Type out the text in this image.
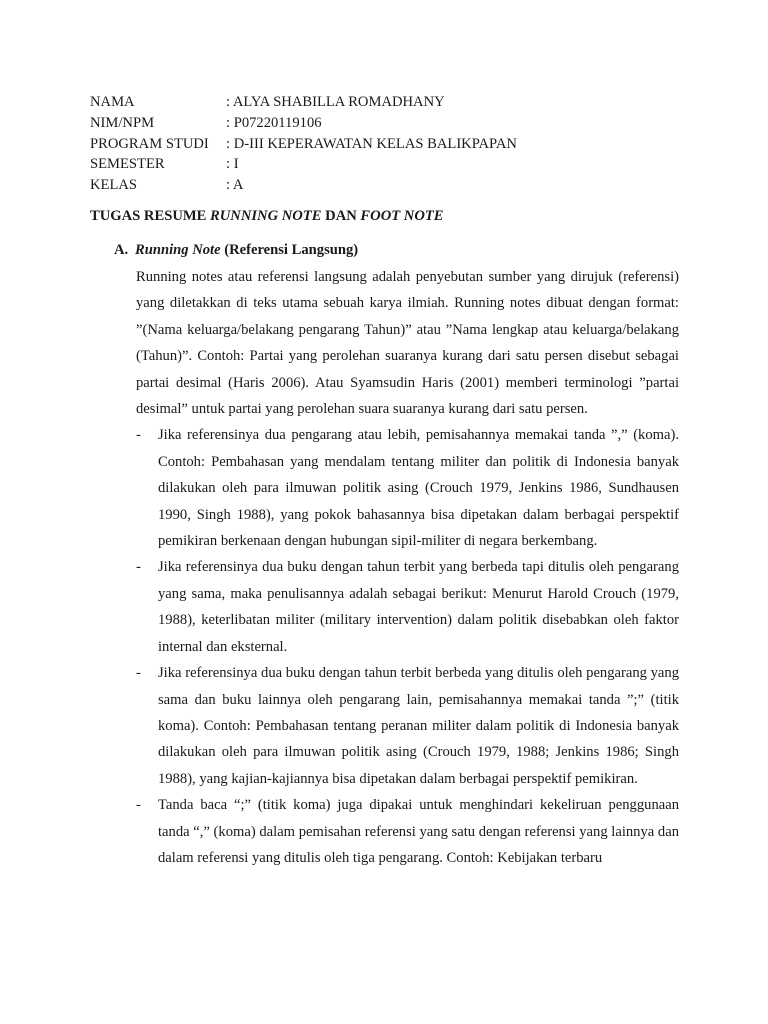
NAMA	: ALYA SHABILLA ROMADHANY
NIM/NPM	: P07220119106
PROGRAM STUDI : D-III KEPERAWATAN KELAS BALIKPAPAN
SEMESTER	: I
KELAS	: A
TUGAS RESUME RUNNING NOTE DAN FOOT NOTE
A. Running Note (Referensi Langsung)

Running notes atau referensi langsung adalah penyebutan sumber yang dirujuk (referensi) yang diletakkan di teks utama sebuah karya ilmiah. Running notes dibuat dengan format: ”(Nama keluarga/belakang pengarang Tahun)” atau ”Nama lengkap atau keluarga/belakang (Tahun)”. Contoh: Partai yang perolehan suaranya kurang dari satu persen disebut sebagai partai desimal (Haris 2006). Atau Syamsudin Haris (2001) memberi terminologi ”partai desimal” untuk partai yang perolehan suara suaranya kurang dari satu persen.

- Jika referensinya dua pengarang atau lebih, pemisahannya memakai tanda ”,” (koma). Contoh: Pembahasan yang mendalam tentang militer dan politik di Indonesia banyak dilakukan oleh para ilmuwan politik asing (Crouch 1979, Jenkins 1986, Sundhausen 1990, Singh 1988), yang pokok bahasannya bisa dipetakan dalam berbagai perspektif pemikiran berkenaan dengan hubungan sipil-militer di negara berkembang.
- Jika referensinya dua buku dengan tahun terbit yang berbeda tapi ditulis oleh pengarang yang sama, maka penulisannya adalah sebagai berikut: Menurut Harold Crouch (1979, 1988), keterlibatan militer (military intervention) dalam politik disebabkan oleh faktor internal dan eksternal.
- Jika referensinya dua buku dengan tahun terbit berbeda yang ditulis oleh pengarang yang sama dan buku lainnya oleh pengarang lain, pemisahannya memakai tanda ”;” (titik koma). Contoh: Pembahasan tentang peranan militer dalam politik di Indonesia banyak dilakukan oleh para ilmuwan politik asing (Crouch 1979, 1988; Jenkins 1986; Singh 1988), yang kajian-kajiannya bisa dipetakan dalam berbagai perspektif pemikiran.
- Tanda baca “;” (titik koma) juga dipakai untuk menghindari kekeliruan penggunaan tanda “,” (koma) dalam pemisahan referensi yang satu dengan referensi yang lainnya dan dalam referensi yang ditulis oleh tiga pengarang. Contoh: Kebijakan terbaru
